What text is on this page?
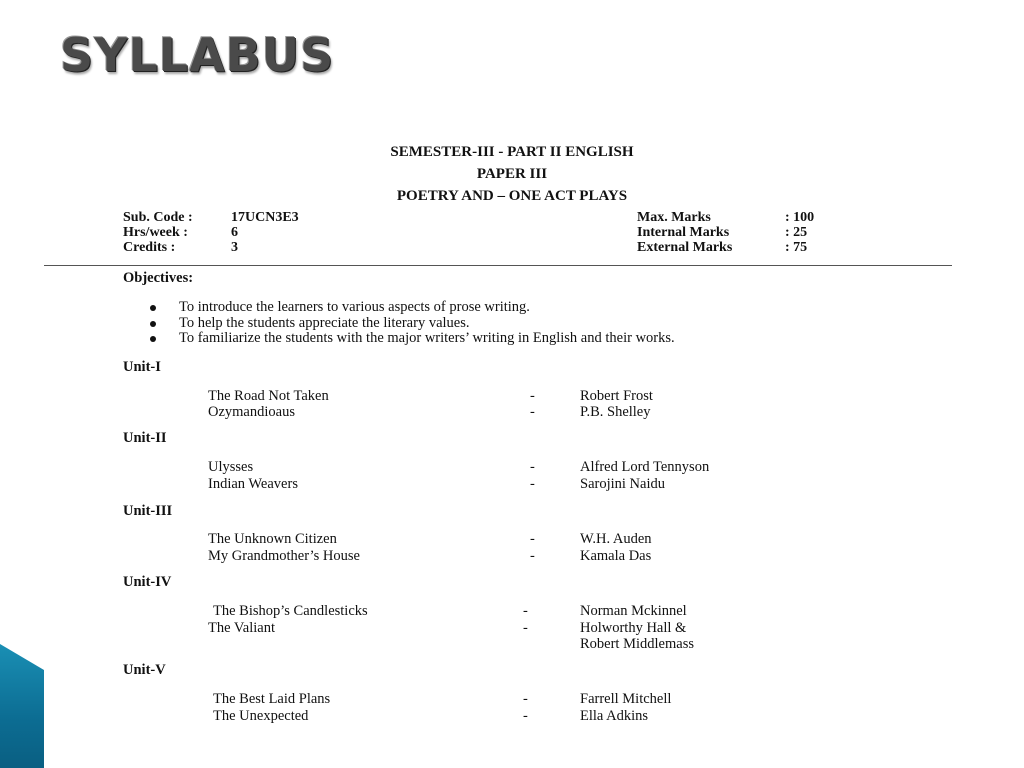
SYLLABUS
SEMESTER-III - PART II ENGLISH
PAPER III
POETRY AND – ONE ACT PLAYS
Sub. Code :	17UCN3E3
Hrs/week :	6
Credits :	3
Max. Marks	: 100
Internal Marks	: 25
External Marks	: 75
Objectives:
To introduce the learners to various aspects of prose writing.
To help the students appreciate the literary values.
To familiarize the students with the major writers’ writing in English and their works.
Unit-I
The Road Not Taken	-	Robert Frost
Ozymandioaus	-	P.B. Shelley
Unit-II
Ulysses	-	Alfred Lord Tennyson
Indian Weavers	-	Sarojini Naidu
Unit-III
The Unknown Citizen	-	W.H. Auden
My Grandmother’s House	-	Kamala Das
Unit-IV
The Bishop’s Candlesticks	-	Norman Mckinnel
The Valiant	-	Holworthy Hall &
Robert Middlemass
Unit-V
The Best Laid Plans	-	Farrell Mitchell
The Unexpected	-	Ella Adkins
